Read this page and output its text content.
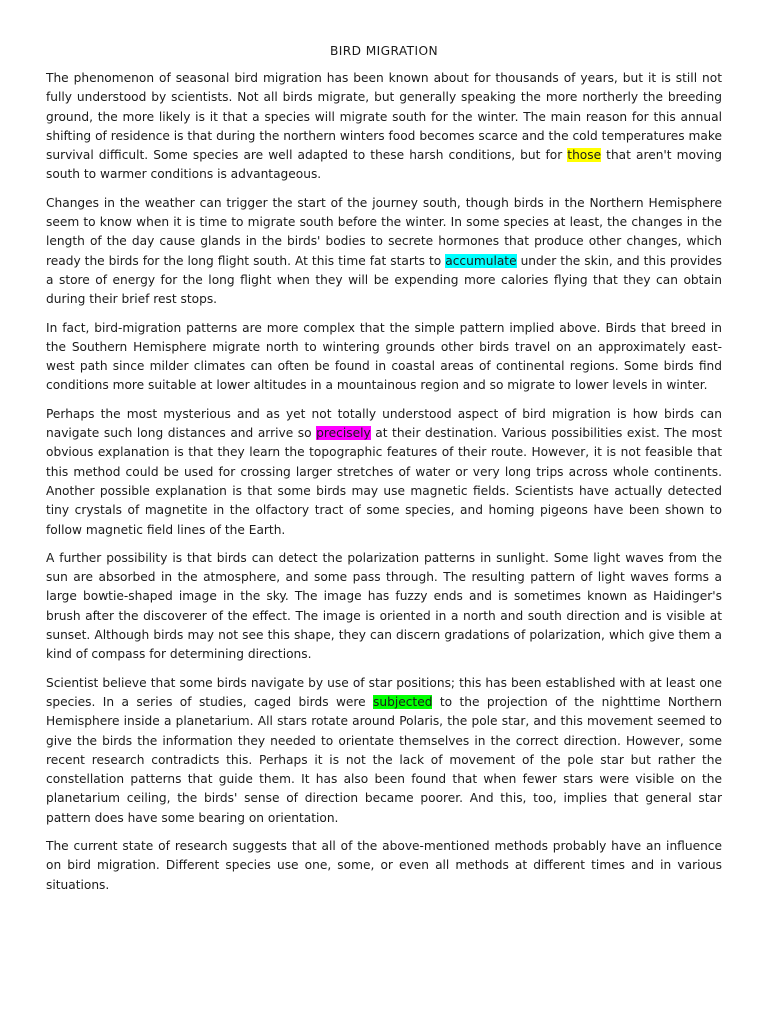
BIRD MIGRATION

The phenomenon of seasonal bird migration has been known about for thousands of years, but it is still not fully understood by scientists. Not all birds migrate, but generally speaking the more northerly the breeding ground, the more likely is it that a species will migrate south for the winter. The main reason for this annual shifting of residence is that during the northern winters food becomes scarce and the cold temperatures make survival difficult. Some species are well adapted to these harsh conditions, but for those that aren't moving south to warmer conditions is advantageous.

Changes in the weather can trigger the start of the journey south, though birds in the Northern Hemisphere seem to know when it is time to migrate south before the winter. In some species at least, the changes in the length of the day cause glands in the birds' bodies to secrete hormones that produce other changes, which ready the birds for the long flight south. At this time fat starts to accumulate under the skin, and this provides a store of energy for the long flight when they will be expending more calories flying that they can obtain during their brief rest stops.

In fact, bird-migration patterns are more complex that the simple pattern implied above. Birds that breed in the Southern Hemisphere migrate north to wintering grounds other birds travel on an approximately east-west path since milder climates can often be found in coastal areas of continental regions. Some birds find conditions more suitable at lower altitudes in a mountainous region and so migrate to lower levels in winter.

Perhaps the most mysterious and as yet not totally understood aspect of bird migration is how birds can navigate such long distances and arrive so precisely at their destination. Various possibilities exist. The most obvious explanation is that they learn the topographic features of their route. However, it is not feasible that this method could be used for crossing larger stretches of water or very long trips across whole continents. Another possible explanation is that some birds may use magnetic fields. Scientists have actually detected tiny crystals of magnetite in the olfactory tract of some species, and homing pigeons have been shown to follow magnetic field lines of the Earth.

A further possibility is that birds can detect the polarization patterns in sunlight. Some light waves from the sun are absorbed in the atmosphere, and some pass through. The resulting pattern of light waves forms a large bowtie-shaped image in the sky. The image has fuzzy ends and is sometimes known as Haidinger's brush after the discoverer of the effect. The image is oriented in a north and south direction and is visible at sunset. Although birds may not see this shape, they can discern gradations of polarization, which give them a kind of compass for determining directions.

Scientist believe that some birds navigate by use of star positions; this has been established with at least one species. In a series of studies, caged birds were subjected to the projection of the nighttime Northern Hemisphere inside a planetarium. All stars rotate around Polaris, the pole star, and this movement seemed to give the birds the information they needed to orientate themselves in the correct direction. However, some recent research contradicts this. Perhaps it is not the lack of movement of the pole star but rather the constellation patterns that guide them. It has also been found that when fewer stars were visible on the planetarium ceiling, the birds' sense of direction became poorer. And this, too, implies that general star pattern does have some bearing on orientation.

The current state of research suggests that all of the above-mentioned methods probably have an influence on bird migration. Different species use one, some, or even all methods at different times and in various situations.
